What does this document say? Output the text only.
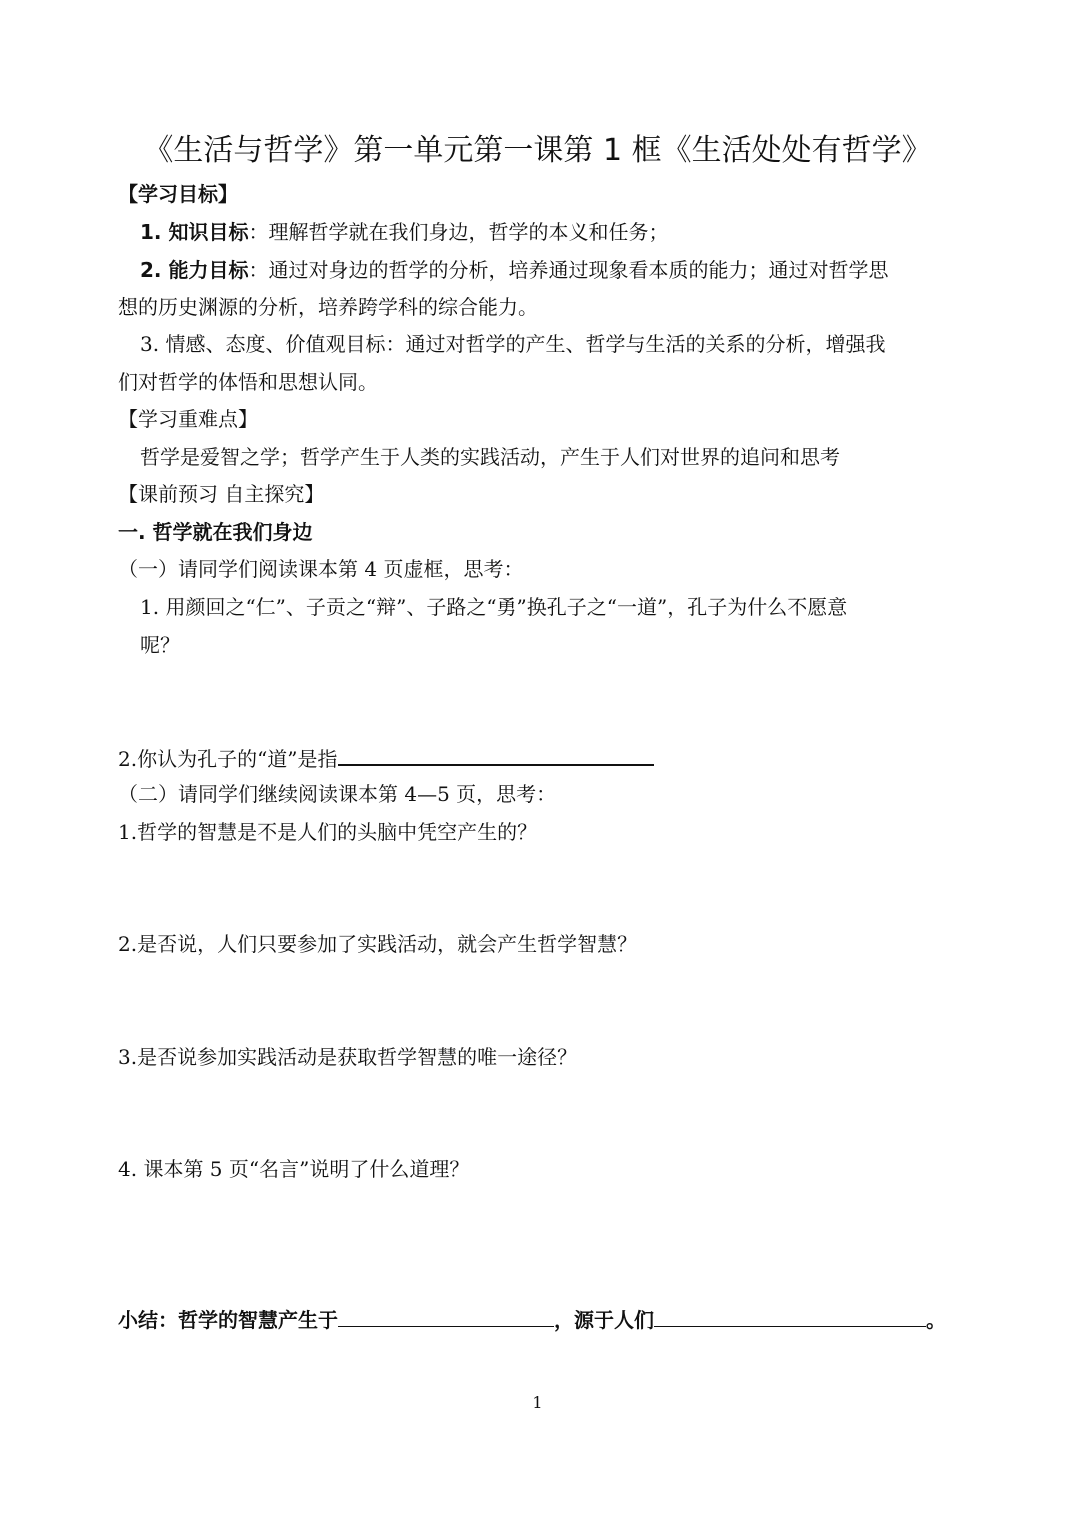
《生活与哲学》第一单元第一课第 1 框《生活处处有哲学》
【学习目标】
1. 知识目标：理解哲学就在我们身边，哲学的本义和任务；
2. 能力目标：通过对身边的哲学的分析，培养通过现象看本质的能力；通过对哲学思
想的历史渊源的分析，培养跨学科的综合能力。
3. 情感、态度、价值观目标：通过对哲学的产生、哲学与生活的关系的分析，增强我
们对哲学的体悟和思想认同。
【学习重难点】
哲学是爱智之学；哲学产生于人类的实践活动，产生于人们对世界的追问和思考
【课前预习 自主探究】
一. 哲学就在我们身边
（一）请同学们阅读课本第 4 页虚框，思考：
1. 用颜回之“仁”、子贡之“辩”、子路之“勇”换孔子之“一道”，孔子为什么不愿意
呢？
2.你认为孔子的“道”是指
（二）请同学们继续阅读课本第 4—5 页，思考：
1.哲学的智慧是不是人们的头脑中凭空产生的？
2.是否说，人们只要参加了实践活动，就会产生哲学智慧？
3.是否说参加实践活动是获取哲学智慧的唯一途径？
4. 课本第 5 页“名言”说明了什么道理？
小结：哲学的智慧产生于	，源于人们	。
1
